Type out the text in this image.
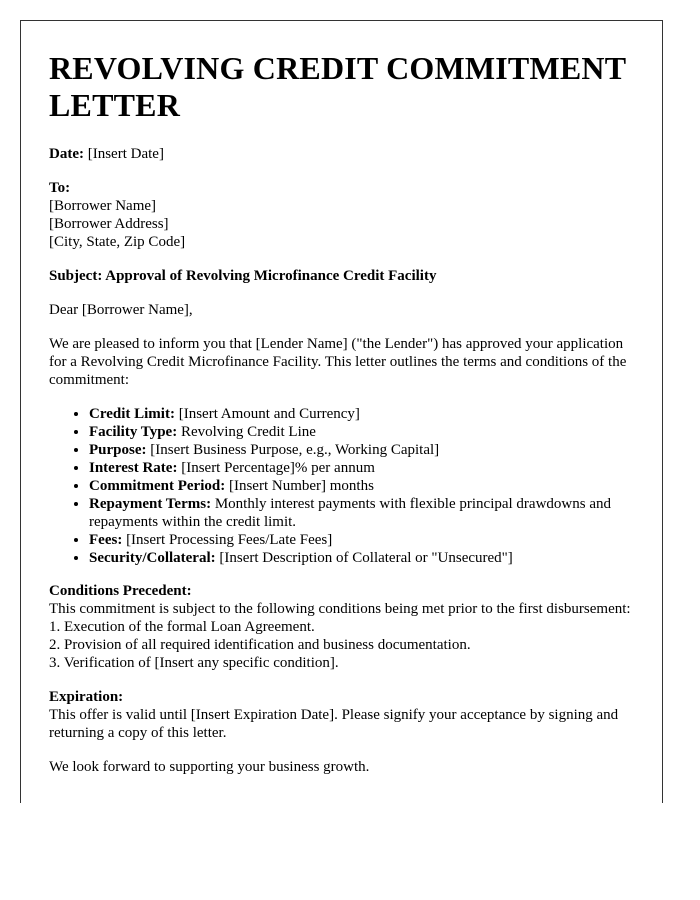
REVOLVING CREDIT COMMITMENT LETTER

Date: [Insert Date]

To:
[Borrower Name]
[Borrower Address]
[City, State, Zip Code]

Subject: Approval of Revolving Microfinance Credit Facility

Dear [Borrower Name],

We are pleased to inform you that [Lender Name] ("the Lender") has approved your application for a Revolving Credit Microfinance Facility. This letter outlines the terms and conditions of the commitment:

• Credit Limit: [Insert Amount and Currency]
• Facility Type: Revolving Credit Line
• Purpose: [Insert Business Purpose, e.g., Working Capital]
• Interest Rate: [Insert Percentage]% per annum
• Commitment Period: [Insert Number] months
• Repayment Terms: Monthly interest payments with flexible principal drawdowns and repayments within the credit limit.
• Fees: [Insert Processing Fees/Late Fees]
• Security/Collateral: [Insert Description of Collateral or "Unsecured"]

Conditions Precedent:
This commitment is subject to the following conditions being met prior to the first disbursement:
1. Execution of the formal Loan Agreement.
2. Provision of all required identification and business documentation.
3. Verification of [Insert any specific condition].

Expiration:
This offer is valid until [Insert Expiration Date]. Please signify your acceptance by signing and returning a copy of this letter.

We look forward to supporting your business growth.
